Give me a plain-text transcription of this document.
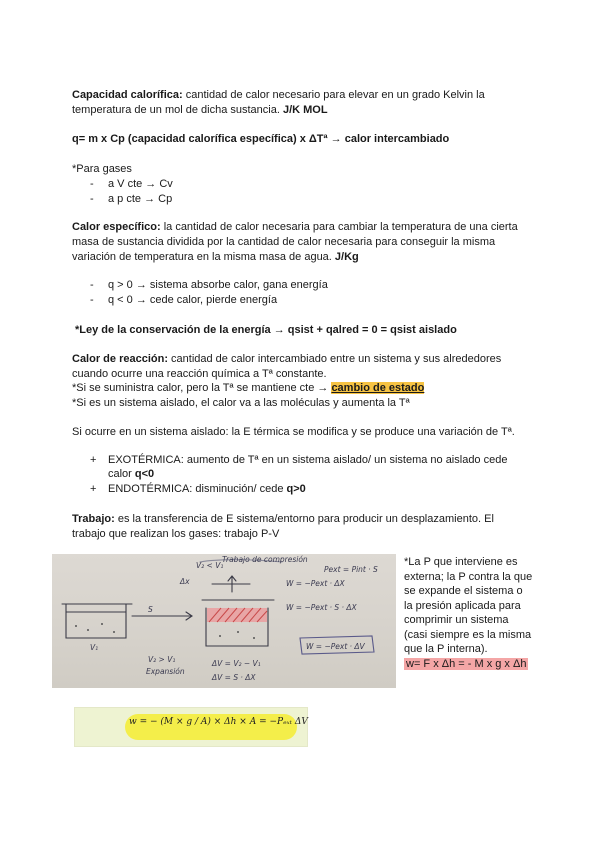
Capacidad calorífica: cantidad de calor necesario para elevar en un grado Kelvin la
temperatura de un mol de dicha sustancia. J/K MOL
q= m x Cp (capacidad calorífica específica) x ΔTª → calor intercambiado
*Para gases
- a V cte → Cv
- a p cte → Cp
Calor específico: la cantidad de calor necesaria para cambiar la temperatura de una cierta
masa de sustancia dividida por la cantidad de calor necesaria para conseguir la misma
variación de temperatura en la misma masa de agua. J/Kg
- q > 0 → sistema absorbe calor, gana energía
- q < 0 → cede calor, pierde energía
*Ley de la conservación de la energía → qsist + qalred = 0 = qsist aislado
Calor de reacción: cantidad de calor intercambiado entre un sistema y sus alrededores
cuando ocurre una reacción química a Tª constante.
*Si se suministra calor, pero la Tª se mantiene cte → cambio de estado
*Si es un sistema aislado, el calor va a las moléculas y aumenta la Tª
Si ocurre en un sistema aislado: la E térmica se modifica y se produce una variación de Tª.
+ EXOTÉRMICA: aumento de Tª en un sistema aislado/ un sistema no aislado cede
calor q<0
+ ENDOTÉRMICA: disminución/ cede q>0
Trabajo: es la transferencia de E sistema/entorno para producir un desplazamiento. El
trabajo que realizan los gases: trabajo P-V
Trabajo de compresión
V₂ < V₁
W = −Pext · ΔX
Pext = Pint · S
W = −Pext · S · ΔX
ΔV = V₂ − V₁
ΔV = S · ΔX
W = −Pext · ΔV
V₁
Expansión
V₂ > V₁
Δx
S
*La P que interviene es externa; la P contra la que se expande el sistema o la presión aplicada para comprimir un sistema (casi siempre es la misma que la P interna).
w= F x Δh = - M x g x Δh
w = − (M × g / A) × Δh × A = −Pₑₓₜ ΔV
